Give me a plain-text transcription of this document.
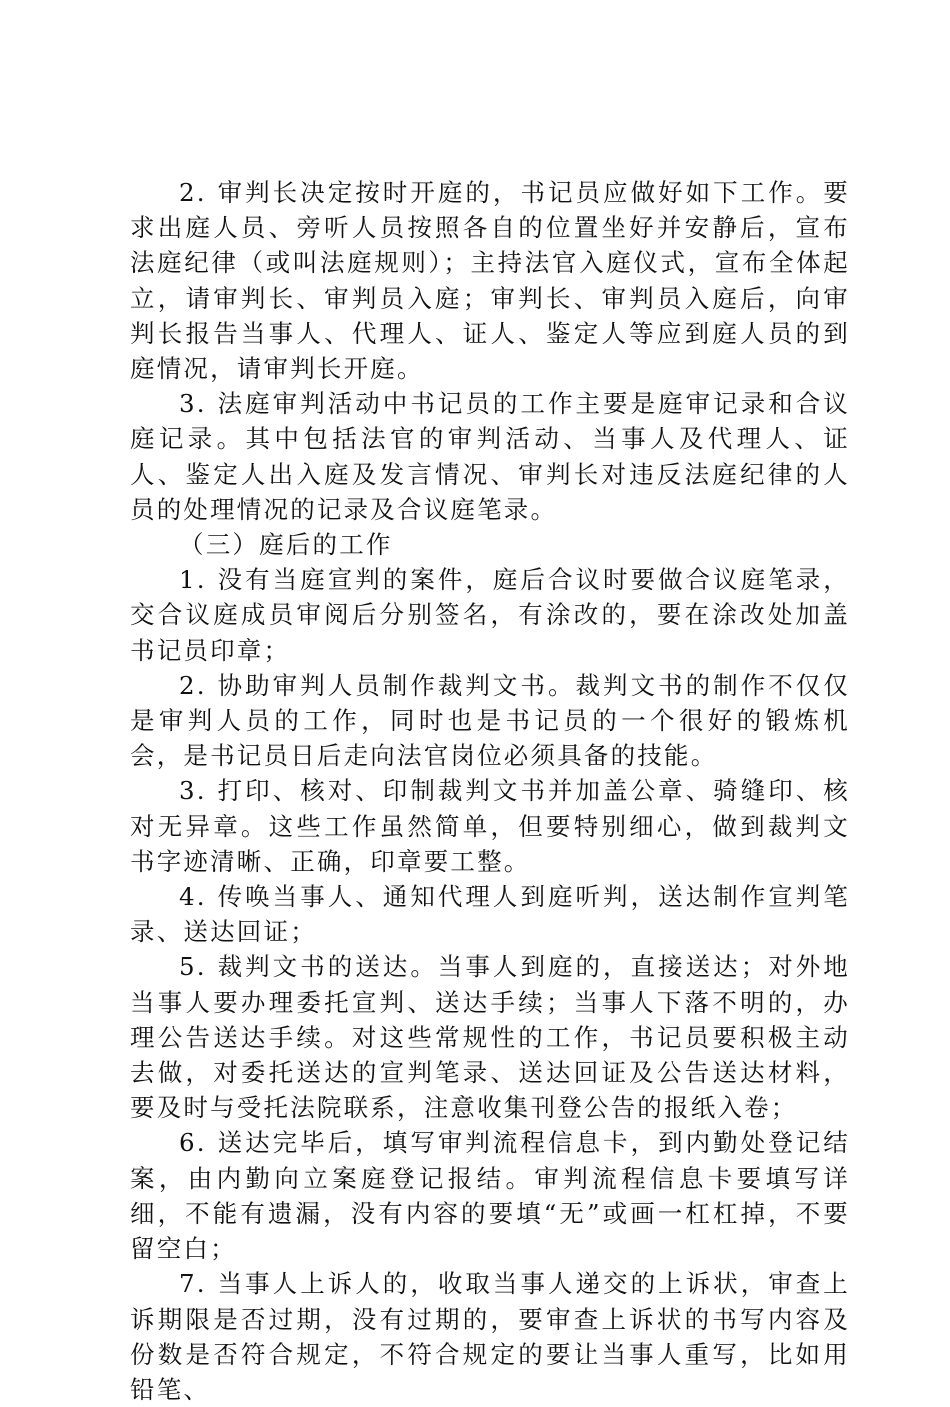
2. 审判长决定按时开庭的，书记员应做好如下工作。要求出庭人员、旁听人员按照各自的位置坐好并安静后，宣布法庭纪律（或叫法庭规则）；主持法官入庭仪式，宣布全体起立，请审判长、审判员入庭；审判长、审判员入庭后，向审判长报告当事人、代理人、证人、鉴定人等应到庭人员的到庭情况，请审判长开庭。

3. 法庭审判活动中书记员的工作主要是庭审记录和合议庭记录。其中包括法官的审判活动、当事人及代理人、证人、鉴定人出入庭及发言情况、审判长对违反法庭纪律的人员的处理情况的记录及合议庭笔录。

（三）庭后的工作

1. 没有当庭宣判的案件，庭后合议时要做合议庭笔录，交合议庭成员审阅后分别签名，有涂改的，要在涂改处加盖书记员印章；

2. 协助审判人员制作裁判文书。裁判文书的制作不仅仅是审判人员的工作，同时也是书记员的一个很好的锻炼机会，是书记员日后走向法官岗位必须具备的技能。

3. 打印、核对、印制裁判文书并加盖公章、骑缝印、核对无异章。这些工作虽然简单，但要特别细心，做到裁判文书字迹清晰、正确，印章要工整。

4. 传唤当事人、通知代理人到庭听判，送达制作宣判笔录、送达回证；

5. 裁判文书的送达。当事人到庭的，直接送达；对外地当事人要办理委托宣判、送达手续；当事人下落不明的，办理公告送达手续。对这些常规性的工作，书记员要积极主动去做，对委托送达的宣判笔录、送达回证及公告送达材料，要及时与受托法院联系，注意收集刊登公告的报纸入卷；

6. 送达完毕后，填写审判流程信息卡，到内勤处登记结案，由内勤向立案庭登记报结。审判流程信息卡要填写详细，不能有遗漏，没有内容的要填“无”或画一杠杠掉，不要留空白；

7. 当事人上诉人的，收取当事人递交的上诉状，审查上诉期限是否过期，没有过期的，要审查上诉状的书写内容及份数是否符合规定，不符合规定的要让当事人重写，比如用铅笔、
